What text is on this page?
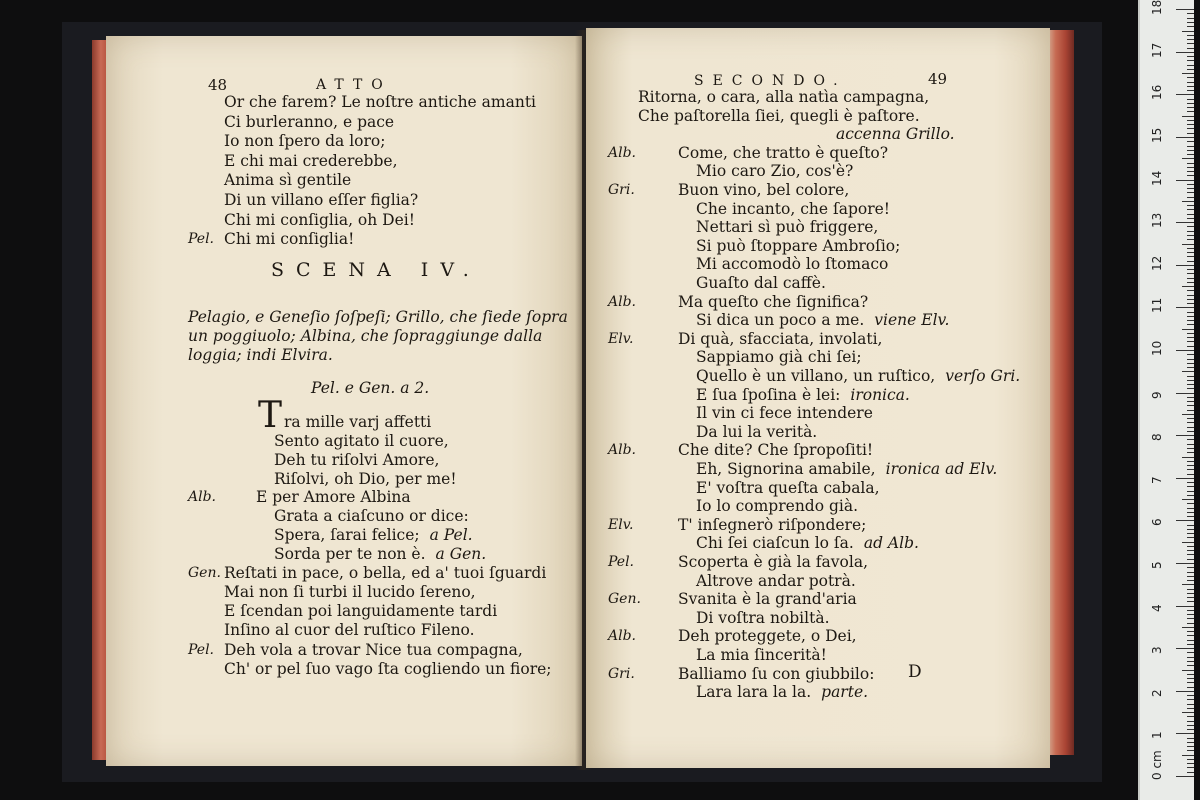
48	ATTO
SCENA IV.
Pel. e Gen. a 2.
T
Or che farem? Le noſtre antiche amanti
Ci burleranno, e pace
Io non ſpero da loro;
E chi mai crederebbe,
Anima sì gentile
Di un villano eſſer figlia?
Chi mi conſiglia, oh Dei!
Pel. Chi mi conſiglia!
Pelagio, e Geneſio ſoſpeſi; Grillo, che ſiede ſopra
un poggiuolo; Albina, che ſopraggiunge dalla
loggia; indi Elvira.
ra mille varj affetti
Sento agitato il cuore,
Deh tu riſolvi Amore,
Riſolvi, oh Dio, per me!
Alb.	E per Amore Albina
Grata a ciaſcuno or dice:
Spera, ſarai felice; a Pel.
Sorda per te non è. a Gen.
Gen. Reſtati in pace, o bella, ed a' tuoi ſguardi
Mai non ſi turbi il lucido ſereno,
E ſcendan poi languidamente tardi
Inſino al cuor del ruſtico Fileno.
Pel. Deh vola a trovar Nice tua compagna,
Ch' or pel ſuo vago ſta cogliendo un fiore;
SECONDO.	49
D
Ritorna, o cara, alla natìa campagna,
Che paſtorella ſiei, quegli è paſtore.
accenna Grillo.
Alb.	Come, che tratto è queſto?
Mio caro Zio, cos'è?
Gri.	Buon vino, bel colore,
Che incanto, che ſapore!
Nettari sì può friggere,
Si può ſtoppare Ambroſio;
Mi accomodò lo ſtomaco
Guaſto dal caffè.
Alb.	Ma queſto che ſignifica?
Si dica un poco a me. viene Elv.
Elv.	Di quà, sfacciata, involati,
Sappiamo già chi ſei;
Quello è un villano, un ruſtico, verſo Gri.
E ſua ſpoſina è lei: ironica.
Il vin ci fece intendere
Da lui la verità.
Alb.	Che dite? Che ſpropoſiti!
Eh, Signorina amabile, ironica ad Elv.
E' voſtra queſta cabala,
Io lo comprendo già.
Elv.	T' inſegnerò riſpondere;
Chi ſei ciaſcun lo ſa. ad Alb.
Pel.	Scoperta è già la favola,
Altrove andar potrà.
Gen. Svanita è la grand'aria
Di voſtra nobiltà.
Alb.	Deh proteggete, o Dei,
La mia ſincerità!
Gri.	Balliamo ſu con giubbilo:
Lara lara la la. parte.
0 cm
1
2
3
4
5
6
7
8
9
10
11
12
13
14
15
16
17
18
